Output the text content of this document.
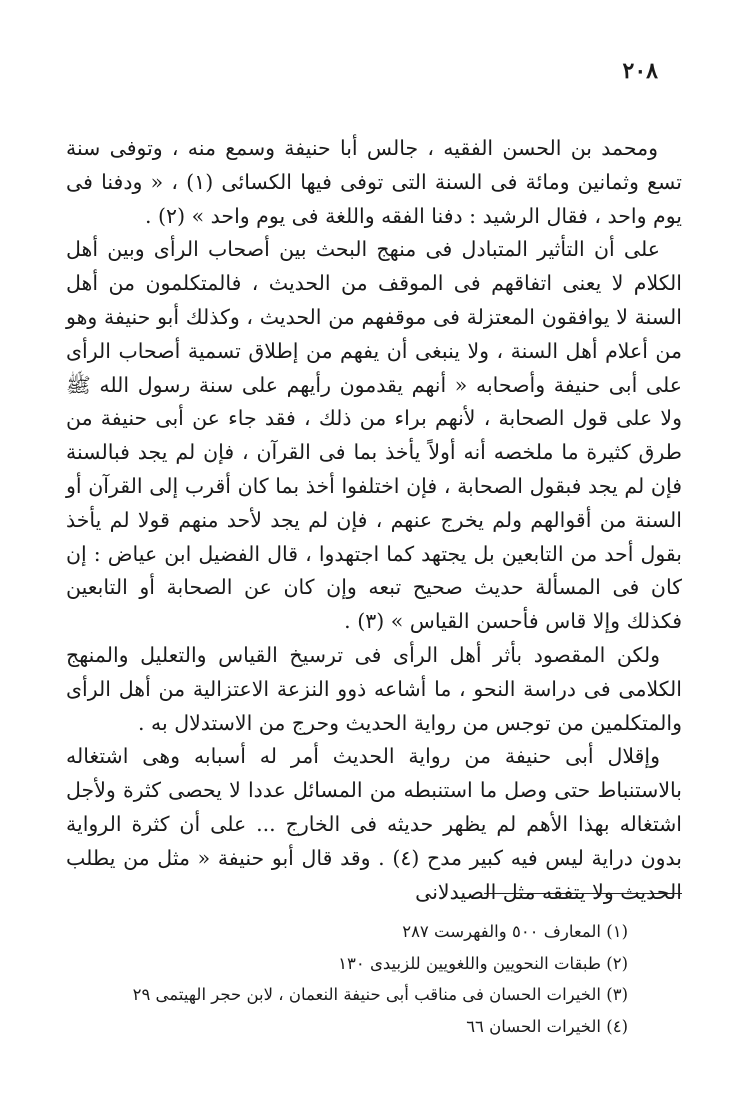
٢٠٨

ومحمد بن الحسن الفقيه ، جالس أبا حنيفة وسمع منه ، وتوفى سنة تسع وثمانين ومائة فى السنة التى توفى فيها الكسائى (١) ، « ودفنا فى يوم واحد ، فقال الرشيد : دفنا الفقه واللغة فى يوم واحد » (٢) .

على أن التأثير المتبادل فى منهج البحث بين أصحاب الرأى وبين أهل الكلام لا يعنى اتفاقهم فى الموقف من الحديث ، فالمتكلمون من أهل السنة لا يوافقون المعتزلة فى موقفهم من الحديث ، وكذلك أبو حنيفة وهو من أعلام أهل السنة ، ولا ينبغى أن يفهم من إطلاق تسمية أصحاب الرأى على أبى حنيفة وأصحابه « أنهم يقدمون رأيهم على سنة رسول الله ﷺ ولا على قول الصحابة ، لأنهم براء من ذلك ، فقد جاء عن أبى حنيفة من طرق كثيرة ما ملخصه أنه أولاً يأخذ بما فى القرآن ، فإن لم يجد فبالسنة فإن لم يجد فبقول الصحابة ، فإن اختلفوا أخذ بما كان أقرب إلى القرآن أو السنة من أقوالهم ولم يخرج عنهم ، فإن لم يجد لأحد منهم قولا لم يأخذ بقول أحد من التابعين بل يجتهد كما اجتهدوا ، قال الفضيل ابن عياض : إن كان فى المسألة حديث صحيح تبعه وإن كان عن الصحابة أو التابعين فكذلك وإلا قاس فأحسن القياس » (٣) .

ولكن المقصود بأثر أهل الرأى فى ترسيخ القياس والتعليل والمنهج الكلامى فى دراسة النحو ، ما أشاعه ذوو النزعة الاعتزالية من أهل الرأى والمتكلمين من توجس من رواية الحديث وحرج من الاستدلال به .

وإقلال أبى حنيفة من رواية الحديث أمر له أسبابه وهى اشتغاله بالاستنباط حتى وصل ما استنبطه من المسائل عددا لا يحصى كثرة ولأجل اشتغاله بهذا الأهم لم يظهر حديثه فى الخارج ... على أن كثرة الرواية بدون دراية ليس فيه كبير مدح (٤) . وقد قال أبو حنيفة « مثل من يطلب الحديث ولا يتفقه مثل الصيدلانى

(١) المعارف ٥٠٠ والفهرست ٢٨٧

(٢) طبقات النحويين واللغويين للزبيدى ١٣٠

(٣) الخيرات الحسان فى مناقب أبى حنيفة النعمان ، لابن حجر الهيتمى ٢٩

(٤) الخيرات الحسان ٦٦
